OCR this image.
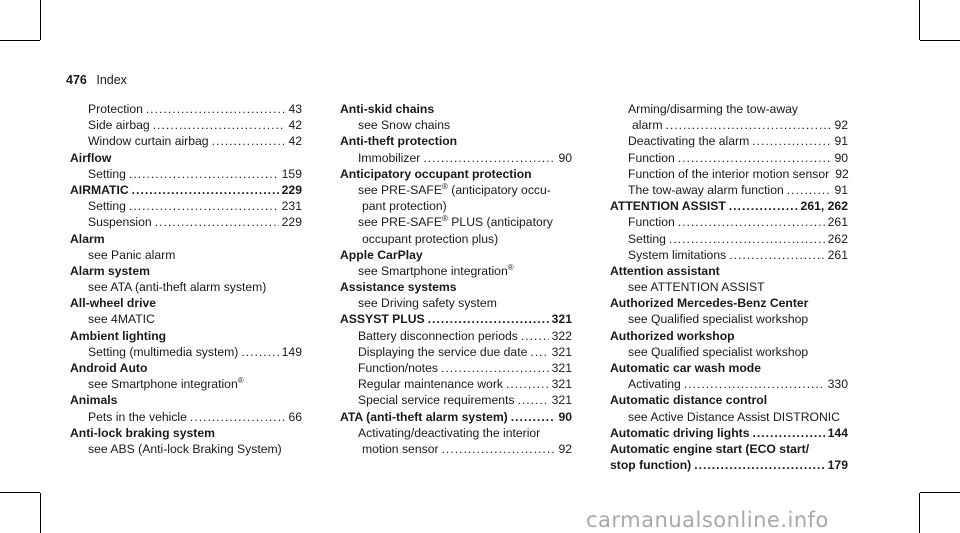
476 Index
Protection .....	43
Side airbag .....	42
Window curtain airbag .....	42
Airflow
Setting .....	159
AIRMATIC .....	229
Setting .....	231
Suspension .....	229
Alarm
see Panic alarm
Alarm system
see ATA (anti-theft alarm system)
All-wheel drive
see 4MATIC
Ambient lighting
Setting (multimedia system) .....	149
Android Auto
see Smartphone integration®
Animals
Pets in the vehicle .....	66
Anti-lock braking system
see ABS (Anti-lock Braking System)
Anti-skid chains
see Snow chains
Anti-theft protection
Immobilizer .....	90
Anticipatory occupant protection
see PRE-SAFE® (anticipatory occu-
pant protection)
see PRE-SAFE® PLUS (anticipatory
occupant protection plus)
Apple CarPlay
see Smartphone integration®
Assistance systems
see Driving safety system
ASSYST PLUS .....	321
Battery disconnection periods .....	322
Displaying the service due date ..... 321
Function/notes .....	321
Regular maintenance work .....	321
Special service requirements .....	321
ATA (anti-theft alarm system) .....	90
Activating/deactivating the interior
motion sensor .....	92
Arming/disarming the tow-away
alarm .....	92
Deactivating the alarm .....	91
Function .....	90
Function of the interior motion sensor 92
The tow-away alarm function .....	91
ATTENTION ASSIST .....	261, 262
Function .....	261
Setting .....	262
System limitations .....	261
Attention assistant
see ATTENTION ASSIST
Authorized Mercedes-Benz Center
see Qualified specialist workshop
Authorized workshop
see Qualified specialist workshop
Automatic car wash mode
Activating .....	330
Automatic distance control
see Active Distance Assist DISTRONIC
Automatic driving lights .....	144
Automatic engine start (ECO start/
stop function) .....	179
carmanualsonline.info
